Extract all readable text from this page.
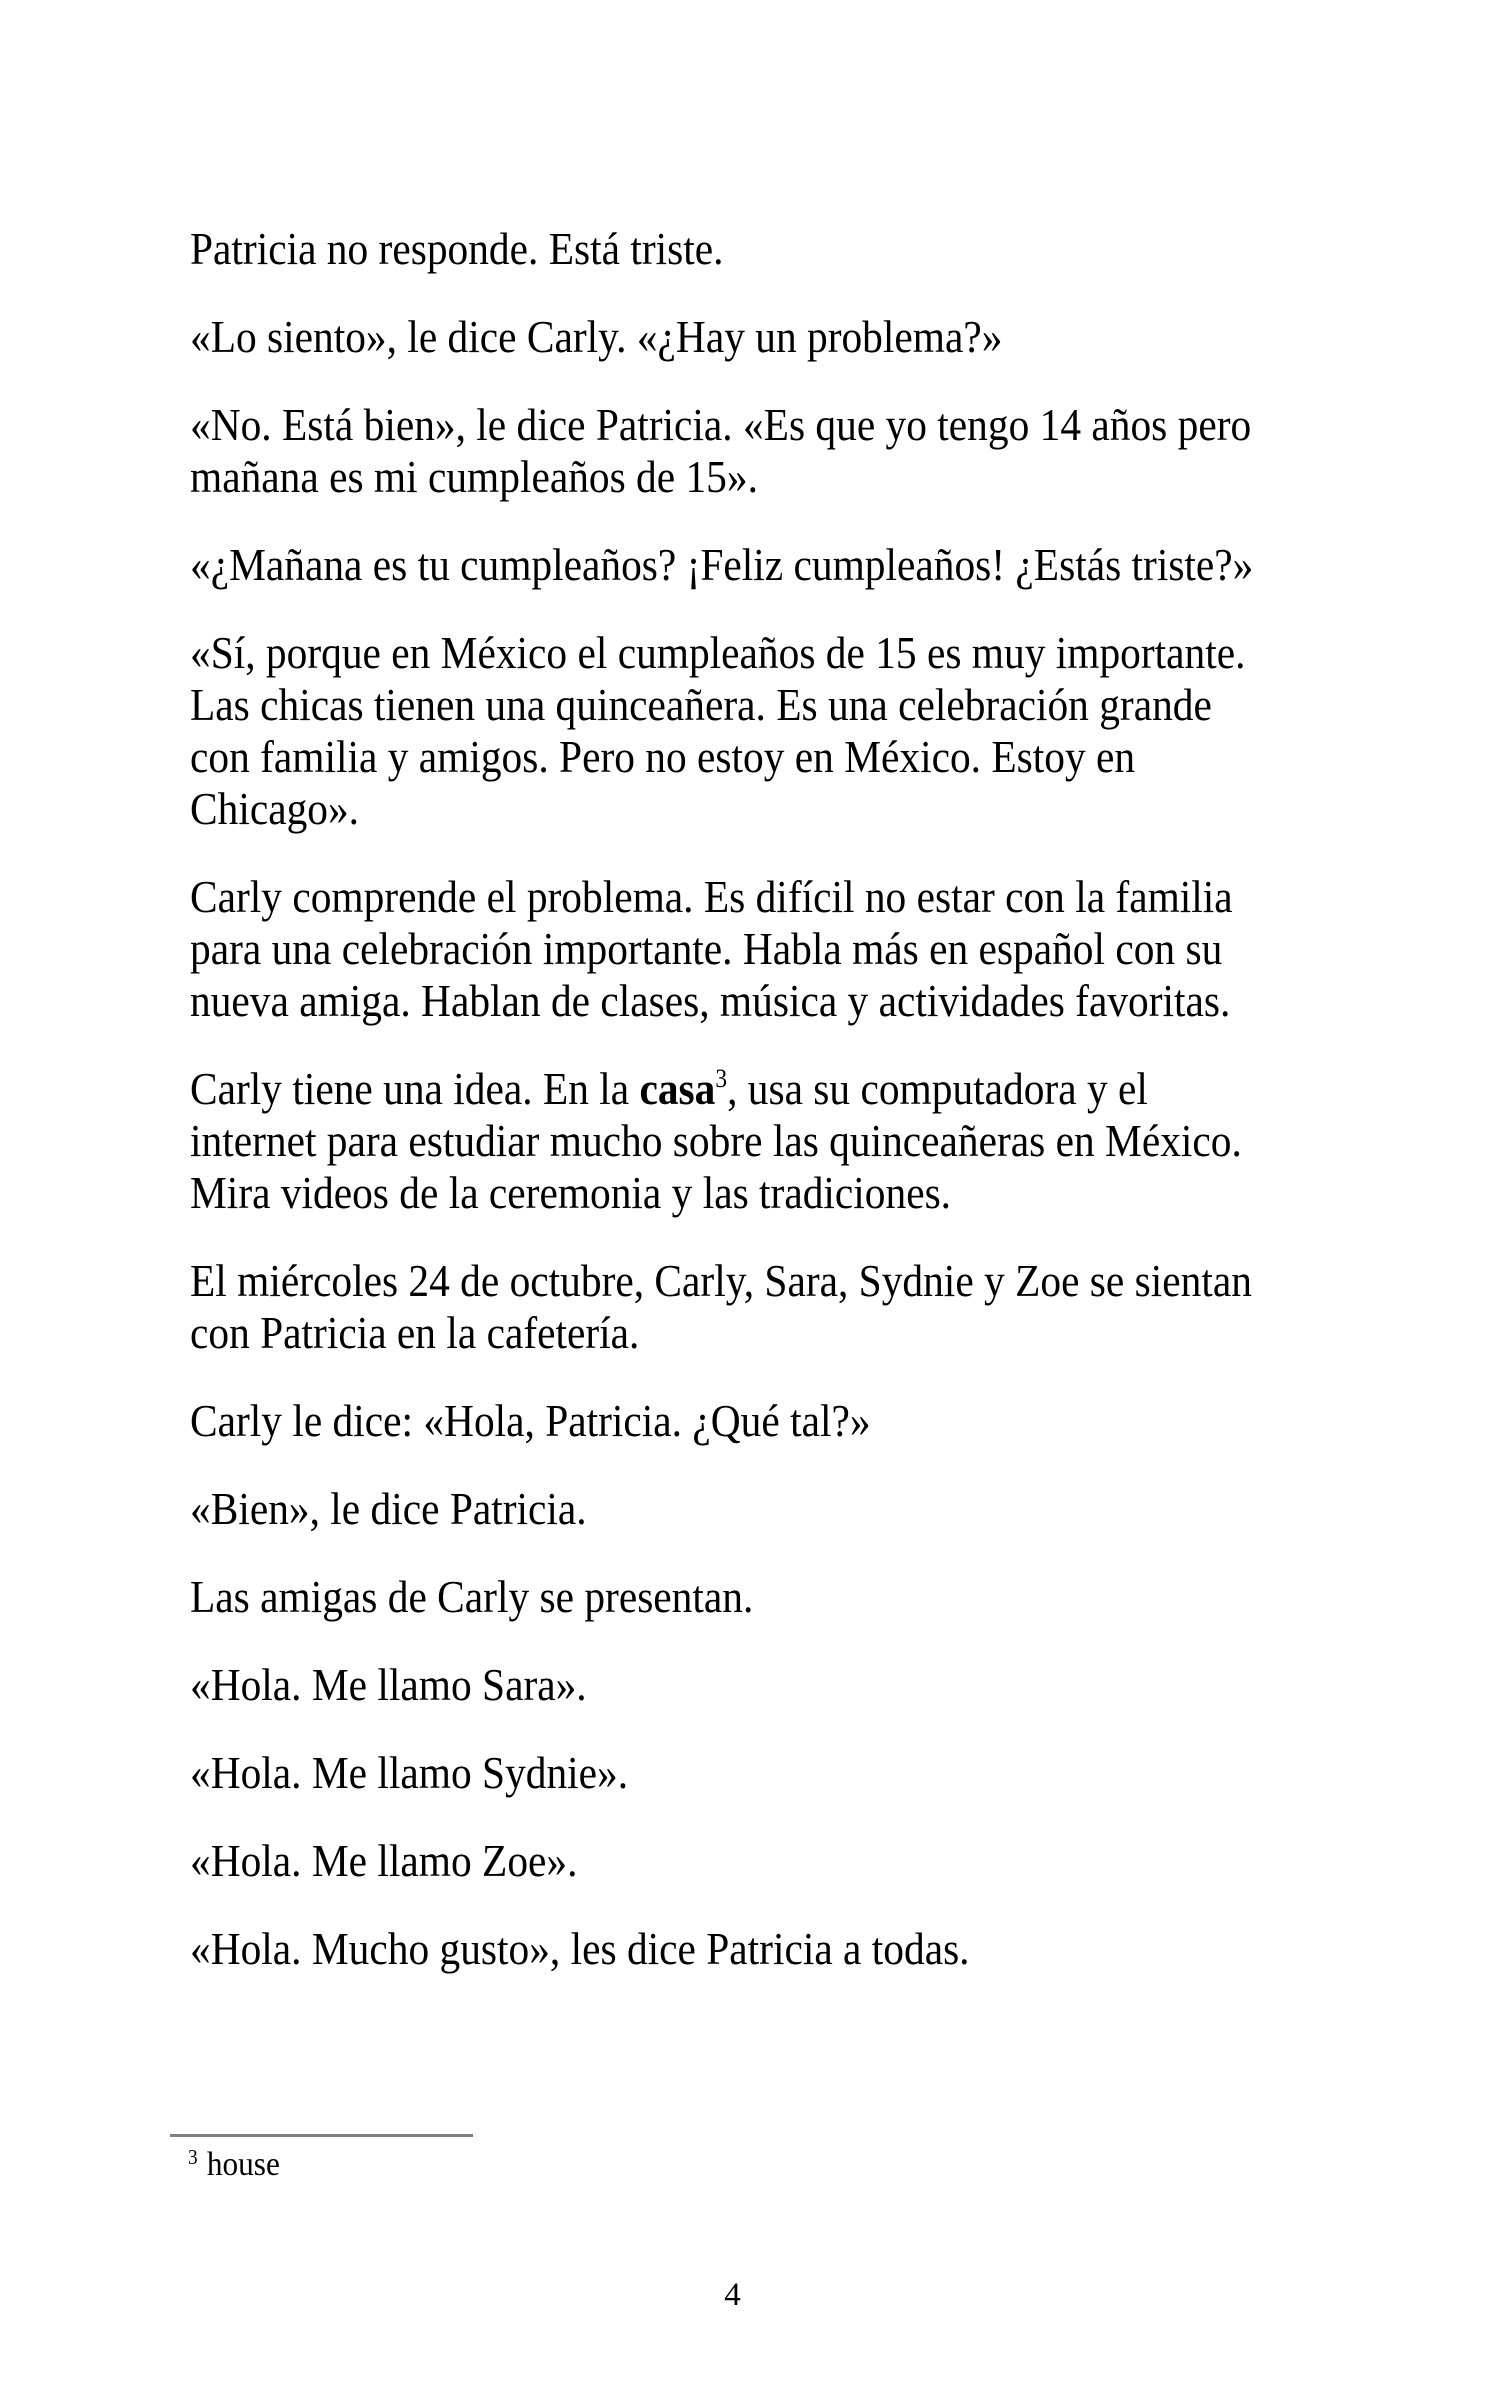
Patricia no responde. Está triste.
«Lo siento», le dice Carly. «¿Hay un problema?»
«No. Está bien», le dice Patricia. «Es que yo tengo 14 años pero
mañana es mi cumpleaños de 15».
«¿Mañana es tu cumpleaños? ¡Feliz cumpleaños! ¿Estás triste?»
«Sí, porque en México el cumpleaños de 15 es muy importante.
Las chicas tienen una quinceañera. Es una celebración grande
con familia y amigos. Pero no estoy en México. Estoy en
Chicago».
Carly comprende el problema. Es difícil no estar con la familia
para una celebración importante. Habla más en español con su
nueva amiga. Hablan de clases, música y actividades favoritas.
Carly tiene una idea. En la casa$^3$, usa su computadora y el
internet para estudiar mucho sobre las quinceañeras en México.
Mira videos de la ceremonia y las tradiciones.
El miércoles 24 de octubre, Carly, Sara, Sydnie y Zoe se sientan
con Patricia en la cafetería.
Carly le dice: «Hola, Patricia. ¿Qué tal?»
«Bien», le dice Patricia.
Las amigas de Carly se presentan.
«Hola. Me llamo Sara».
«Hola. Me llamo Sydnie».
«Hola. Me llamo Zoe».
«Hola. Mucho gusto», les dice Patricia a todas.
$^3$ house
4
